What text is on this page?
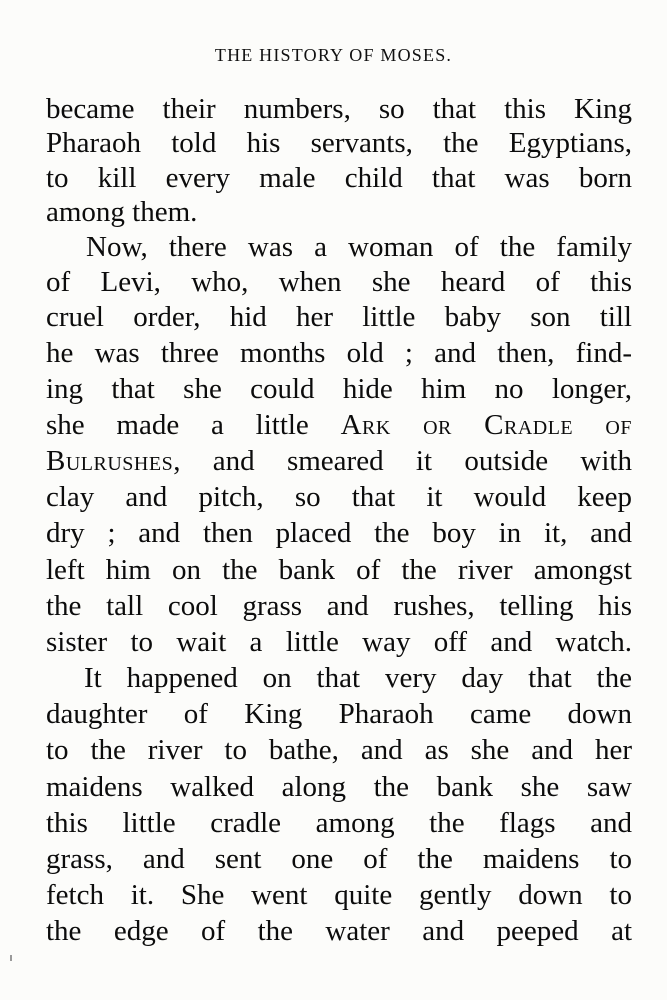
THE HISTORY OF MOSES.
became their numbers, so that this King
Pharaoh told his servants, the Egyptians,
to kill every male child that was born
among them.
Now, there was a woman of the family
of Levi, who, when she heard of this
cruel order, hid her little baby son till
he was three months old ; and then, find-
ing that she could hide him no longer,
she made a little Ark or Cradle of
Bulrushes, and smeared it outside with
clay and pitch, so that it would keep
dry ; and then placed the boy in it, and
left him on the bank of the river amongst
the tall cool grass and rushes, telling his
sister to wait a little way off and watch.
It happened on that very day that the
daughter of King Pharaoh came down
to the river to bathe, and as she and her
maidens walked along the bank she saw
this little cradle among the flags and
grass, and sent one of the maidens to
fetch it. She went quite gently down to
the edge of the water and peeped at
